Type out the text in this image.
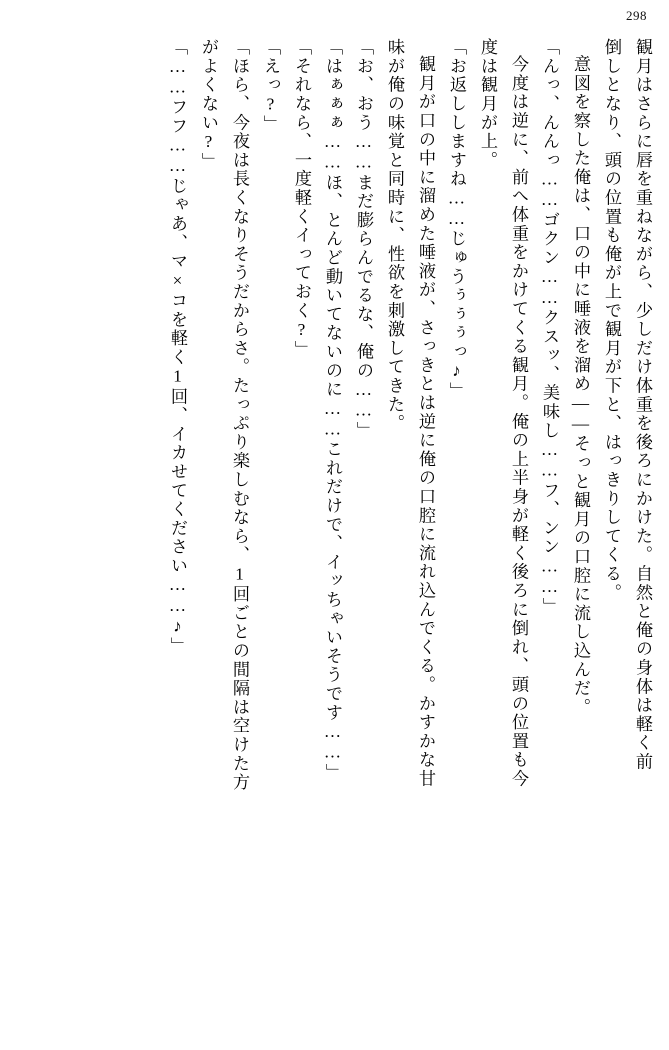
298
観月はさらに唇を重ねながら、少しだけ体重を後ろにかけた。自然と俺の身体は軽く前
倒しとなり、頭の位置も俺が上で観月が下と、はっきりしてくる。
意図を察した俺は、口の中に唾液を溜め——そっと観月の口腔に流し込んだ。
「んっ、んんっ……ゴクン……クスッ、美味し……フ、ンン……」
今度は逆に、前へ体重をかけてくる観月。俺の上半身が軽く後ろに倒れ、頭の位置も今
度は観月が上。
「お返ししますね……じゅうぅぅぅっ♪」
観月が口の中に溜めた唾液が、さっきとは逆に俺の口腔に流れ込んでくる。かすかな甘
味が俺の味覚と同時に、性欲を刺激してきた。
「お、おう……まだ膨らんでるな、俺の……」
「はぁぁぁ……ほ、とんど動いてないのに……これだけで、イッちゃいそうです……」
「それなら、一度軽くイっておく?」
「えっ?」
「ほら、今夜は長くなりそうだからさ。たっぷり楽しむなら、1回ごとの間隔は空けた方
がよくない?」
「……フフ……じゃあ、マ×コを軽く1回、イカせてください……♪」
